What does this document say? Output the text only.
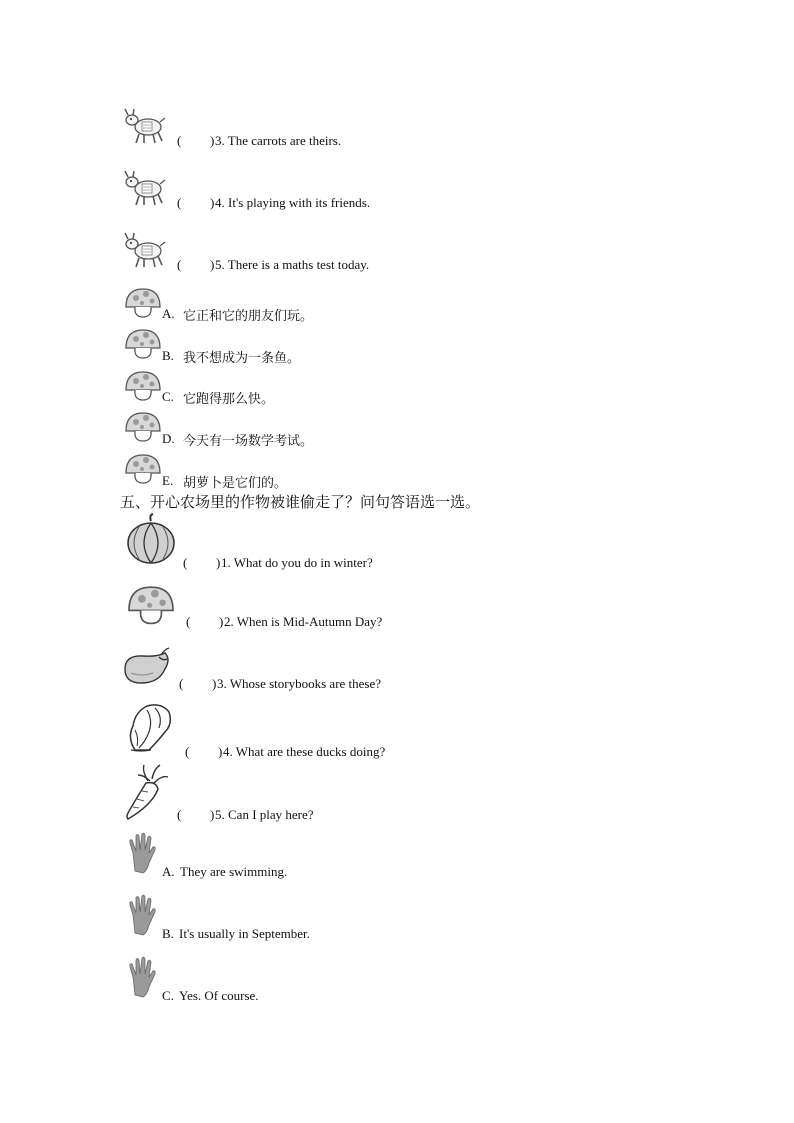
( ) 3. The carrots are theirs.
( ) 4. It's playing with its friends.
( ) 5. There is a maths test today.
A. 它正和它的朋友们玩。
B. 我不想成为一条鱼。
C. 它跑得那么快。
D. 今天有一场数学考试。
E. 胡萝卜是它们的。
五、开心农场里的作物被谁偷走了？问句答语选一选。
( ) 1. What do you do in winter?
( ) 2. When is Mid-Autumn Day?
( ) 3. Whose storybooks are these?
( ) 4. What are these ducks doing?
( ) 5. Can I play here?
A. They are swimming.
B. It's usually in September.
C. Yes. Of course.
